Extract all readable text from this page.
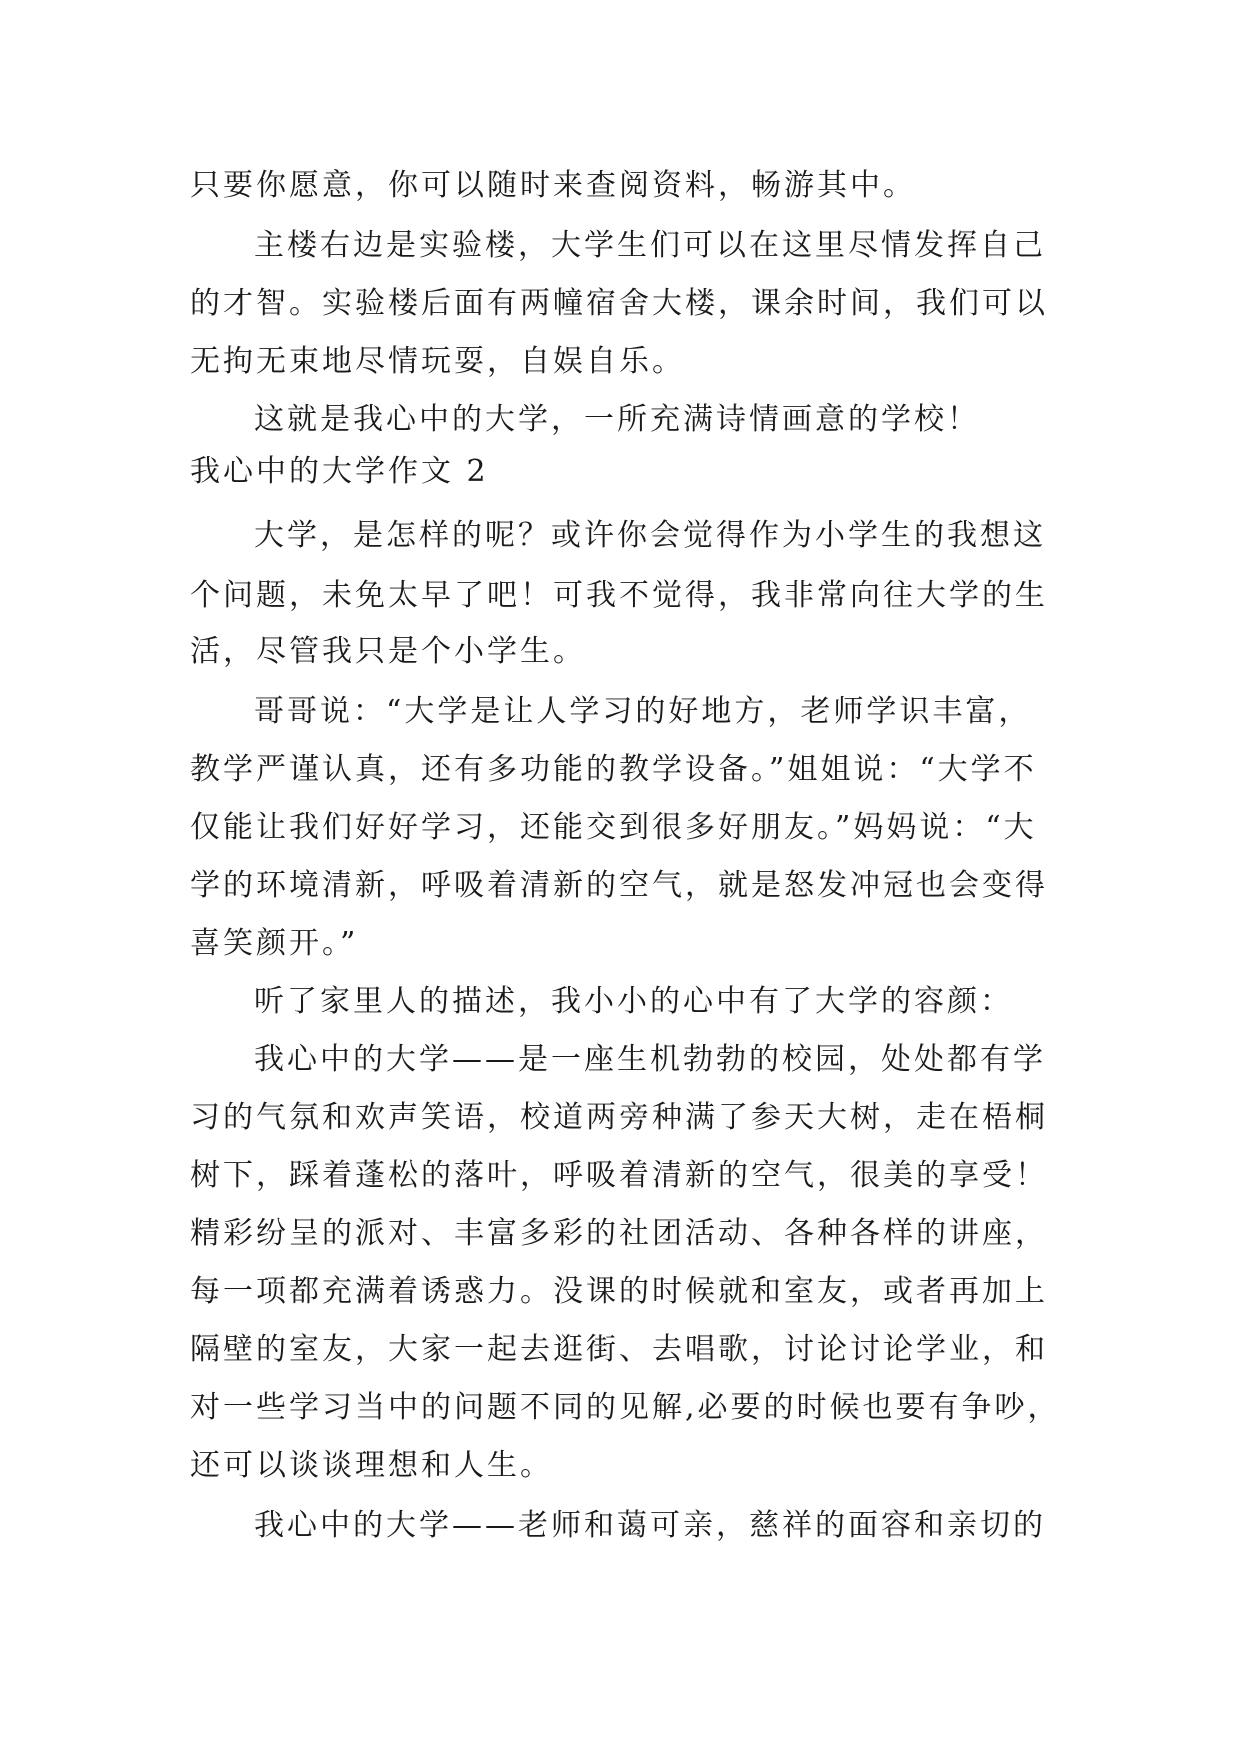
只要你愿意，你可以随时来查阅资料，畅游其中。
主楼右边是实验楼，大学生们可以在这里尽情发挥自己
的才智。实验楼后面有两幢宿舍大楼，课余时间，我们可以
无拘无束地尽情玩耍，自娱自乐。
这就是我心中的大学，一所充满诗情画意的学校！
我心中的大学作文 2
大学，是怎样的呢？或许你会觉得作为小学生的我想这
个问题，未免太早了吧！可我不觉得，我非常向往大学的生
活，尽管我只是个小学生。
哥哥说：“大学是让人学习的好地方，老师学识丰富，
教学严谨认真，还有多功能的教学设备。”姐姐说：“大学不
仅能让我们好好学习，还能交到很多好朋友。”妈妈说：“大
学的环境清新，呼吸着清新的空气，就是怒发冲冠也会变得
喜笑颜开。”
听了家里人的描述，我小小的心中有了大学的容颜：
我心中的大学——是一座生机勃勃的校园，处处都有学
习的气氛和欢声笑语，校道两旁种满了参天大树，走在梧桐
树下，踩着蓬松的落叶，呼吸着清新的空气，很美的享受！
精彩纷呈的派对、丰富多彩的社团活动、各种各样的讲座，
每一项都充满着诱惑力。没课的时候就和室友，或者再加上
隔壁的室友，大家一起去逛街、去唱歌，讨论讨论学业，和
对一些学习当中的问题不同的见解,必要的时候也要有争吵，
还可以谈谈理想和人生。
我心中的大学——老师和蔼可亲，慈祥的面容和亲切的
